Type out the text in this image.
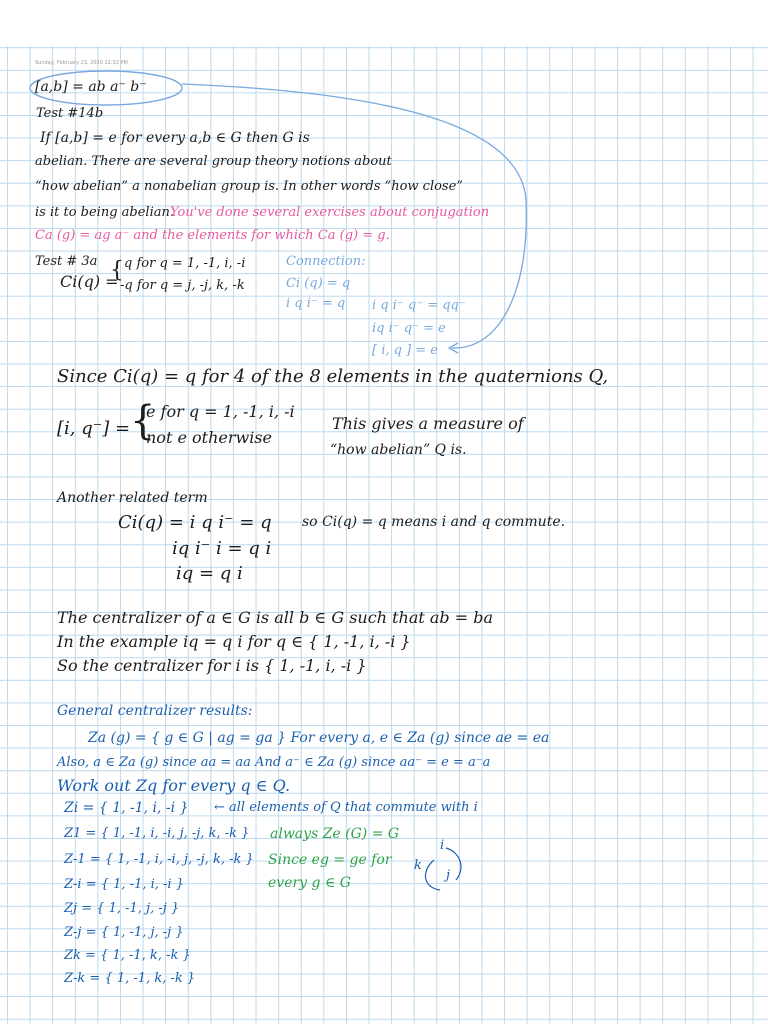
Sunday, February 23, 2020 12:32 PM
[a,b] = ab a⁻ b⁻
Test #14b
If [a,b] = e for every a,b ∈ G then G is
abelian. There are several group theory notions about
“how abelian” a nonabelian group is. In other words “how close”
is it to being abelian.
You've done several exercises about conjugation
Ca (g) = ag a⁻ and the elements for which Ca (g) = g.
Test # 3a
Ci(q) =
{ q for q = 1, -1, i, -i
-q for q = j, -j, k, -k
Connection:
Ci (q) = q
i q i⁻ = q i q i⁻ q⁻ = qq⁻
iq i⁻ q⁻ = e
[ i, q ] = e
Since Ci(q) = q for 4 of the 8 elements in the quaternions Q,
[i, q⁻] = {
e for q = 1, -1, i, -i
not e otherwise
This gives a measure of
“how abelian” Q is.
Another related term
Ci(q) = i q i⁻ = q so Ci(q) = q means i and q commute.
iq i⁻ i = q i
iq = q i
The centralizer of a ∈ G is all b ∈ G such that ab = ba
In the example iq = q i for q ∈ { 1, -1, i, -i }
So the centralizer for i is { 1, -1, i, -i }
General centralizer results:
Za (g) = { g ∈ G | ag = ga } For every a, e ∈ Za (g) since ae = ea
Also, a ∈ Za (g) since aa = aa And a⁻ ∈ Za (g) since aa⁻ = e = a⁻a
Work out Zq for every q ∈ Q.
Zi = { 1, -1, i, -i } ← all elements of Q that commute with i
Z1 = { 1, -1, i, -i, j, -j, k, -k } always Ze (G) = G
Z-1 = { 1, -1, i, -i, j, -j, k, -k } Since eg = ge for
every g ∈ G
Z-i = { 1, -1, i, -i }
Zj = { 1, -1, j, -j }
Z-j = { 1, -1, j, -j }
Zk = { 1, -1, k, -k }
Z-k = { 1, -1, k, -k }
i
k
j
